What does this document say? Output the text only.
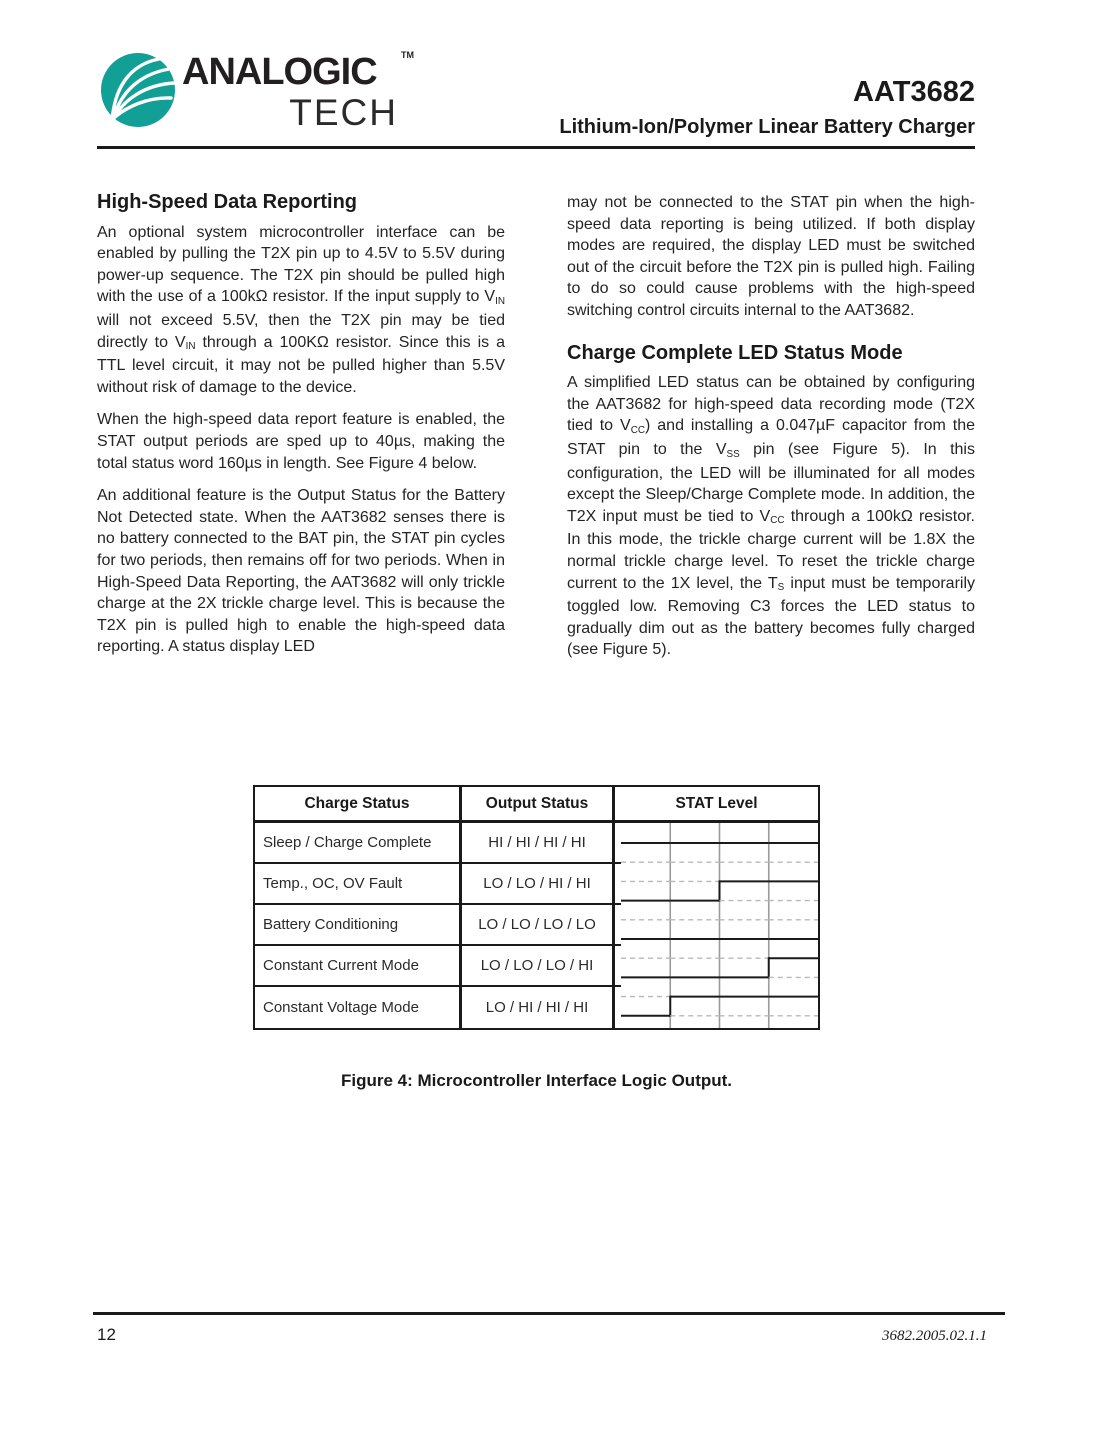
ANALOGIC	TM
TECH	AAT3682
Lithium-Ion/Polymer Linear Battery Charger
High-Speed Data Reporting

An optional system microcontroller interface can be enabled by pulling the T2X pin up to 4.5V to 5.5V during power-up sequence. The T2X pin should be pulled high with the use of a 100kΩ resistor. If the input supply to $V_{IN}$ will not exceed 5.5V, then the T2X pin may be tied directly to $V_{IN}$ through a 100KΩ resistor. Since this is a TTL level circuit, it may not be pulled higher than 5.5V without risk of damage to the device.

When the high-speed data report feature is enabled, the STAT output periods are sped up to 40µs, making the total status word 160µs in length. See Figure 4 below.

An additional feature is the Output Status for the Battery Not Detected state. When the AAT3682 senses there is no battery connected to the BAT pin, the STAT pin cycles for two periods, then remains off for two periods. When in High-Speed Data Reporting, the AAT3682 will only trickle charge at the 2X trickle charge level. This is because the T2X pin is pulled high to enable the high-speed data reporting. A status display LED

may not be connected to the STAT pin when the high-speed data reporting is being utilized. If both display modes are required, the display LED must be switched out of the circuit before the T2X pin is pulled high. Failing to do so could cause problems with the high-speed switching control circuits internal to the AAT3682.

Charge Complete LED Status Mode

A simplified LED status can be obtained by configuring the AAT3682 for high-speed data recording mode (T2X tied to $V_{CC}$) and installing a 0.047µF capacitor from the STAT pin to the $V_{SS}$ pin (see Figure 5). In this configuration, the LED will be illuminated for all modes except the Sleep/Charge Complete mode. In addition, the T2X input must be tied to $V_{CC}$ through a 100kΩ resistor. In this mode, the trickle charge current will be 1.8X the normal trickle charge level. To reset the trickle charge current to the 1X level, the $T_S$ input must be temporarily toggled low. Removing C3 forces the LED status to gradually dim out as the battery becomes fully charged (see Figure 5).

Charge Status	Output Status	STAT Level
Sleep / Charge Complete	HI / HI / HI / HI
Temp., OC, OV Fault	LO / LO / HI / HI
Battery Conditioning	LO / LO / LO / LO
Constant Current Mode	LO / LO / LO / HI
Constant Voltage Mode	LO / HI / HI / HI
Figure 4: Microcontroller Interface Logic Output.
12	3682.2005.02.1.1
